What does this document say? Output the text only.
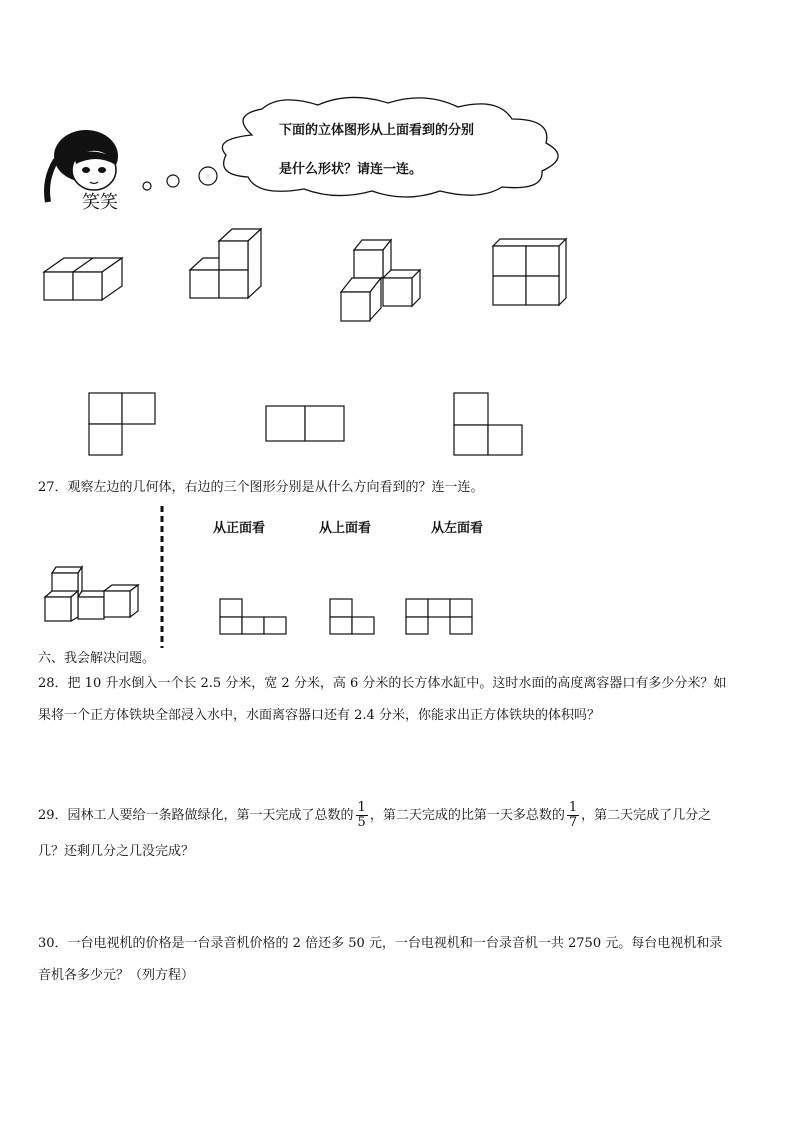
笑笑
下面的立体图形从上面看到的分别
是什么形状？请连一连。
27．观察左边的几何体，右边的三个图形分别是从什么方向看到的？连一连。
从正面看	从上面看	从左面看
六、我会解决问题。
28．把 10 升水倒入一个长 2.5 分米，宽 2 分米，高 6 分米的长方体水缸中。这时水面的高度离容器口有多少分米？如
果将一个正方体铁块全部浸入水中，水面离容器口还有 2.4 分米，你能求出正方体铁块的体积吗？
29．园林工人要给一条路做绿化，第一天完成了总数的 $\frac{1}{5}$ ，第二天完成的比第一天多总数的 $\frac{1}{7}$ ，第二天完成了几分之
几？还剩几分之几没完成？
30．一台电视机的价格是一台录音机价格的 2 倍还多 50 元，一台电视机和一台录音机一共 2750 元。每台电视机和录
音机各多少元？（列方程）
